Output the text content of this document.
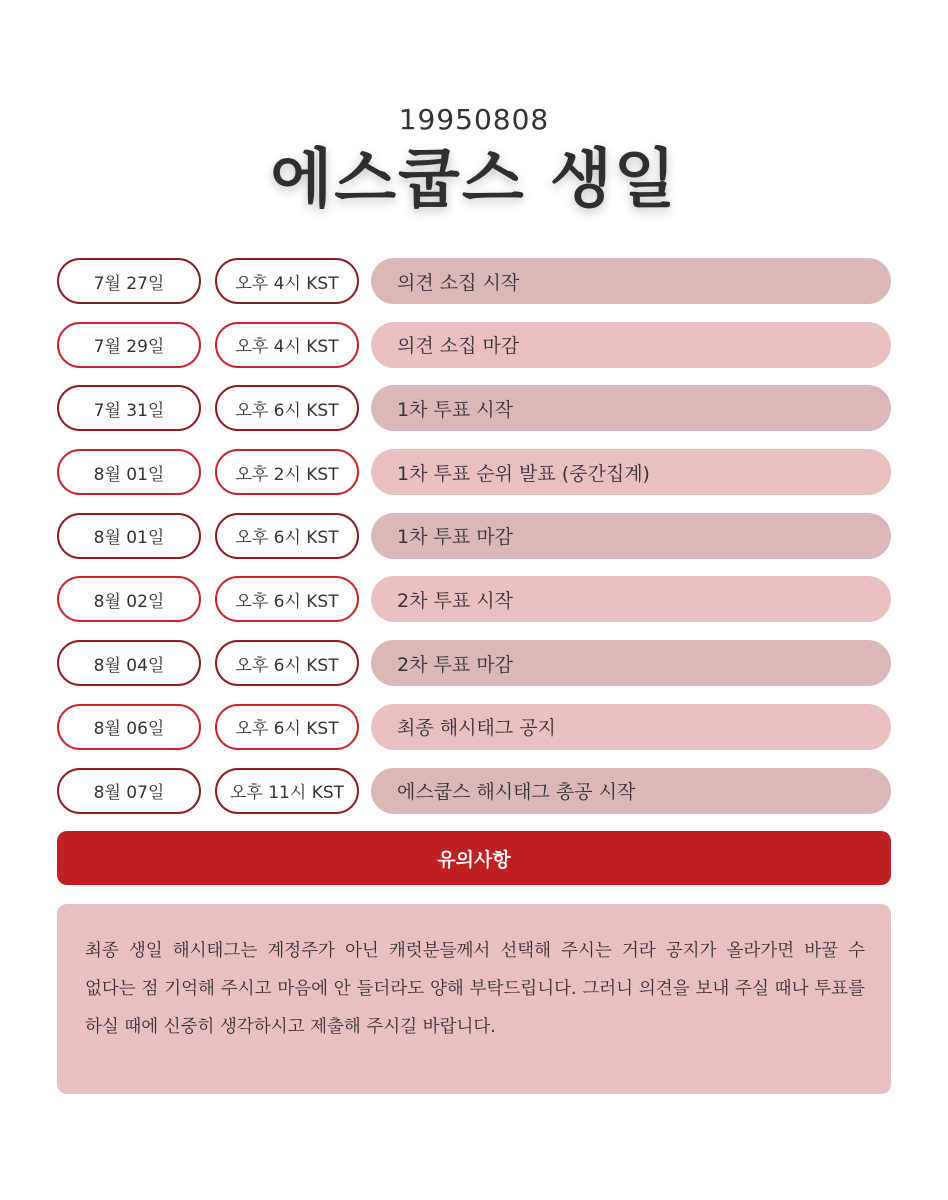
19950808
에스쿱스 생일
7월 27일	오후 4시 KST	의견 소집 시작
7월 29일	오후 4시 KST	의견 소집 마감
7월 31일	오후 6시 KST	1차 투표 시작
8월 01일	오후 2시 KST	1차 투표 순위 발표 (중간집계)
8월 01일	오후 6시 KST	1차 투표 마감
8월 02일	오후 6시 KST	2차 투표 시작
8월 04일	오후 6시 KST	2차 투표 마감
8월 06일	오후 6시 KST	최종 해시태그 공지
8월 07일	오후 11시 KST	에스쿱스 해시태그 총공 시작
유의사항
최종 생일 해시태그는 계정주가 아닌 캐럿분들께서 선택해 주시는 거라 공지가 올라가면 바꿀 수 없다는 점 기억해 주시고 마음에 안 들더라도 양해 부탁드립니다. 그러니 의견을 보내 주실 때나 투표를 하실 때에 신중히 생각하시고 제출해 주시길 바랍니다.
